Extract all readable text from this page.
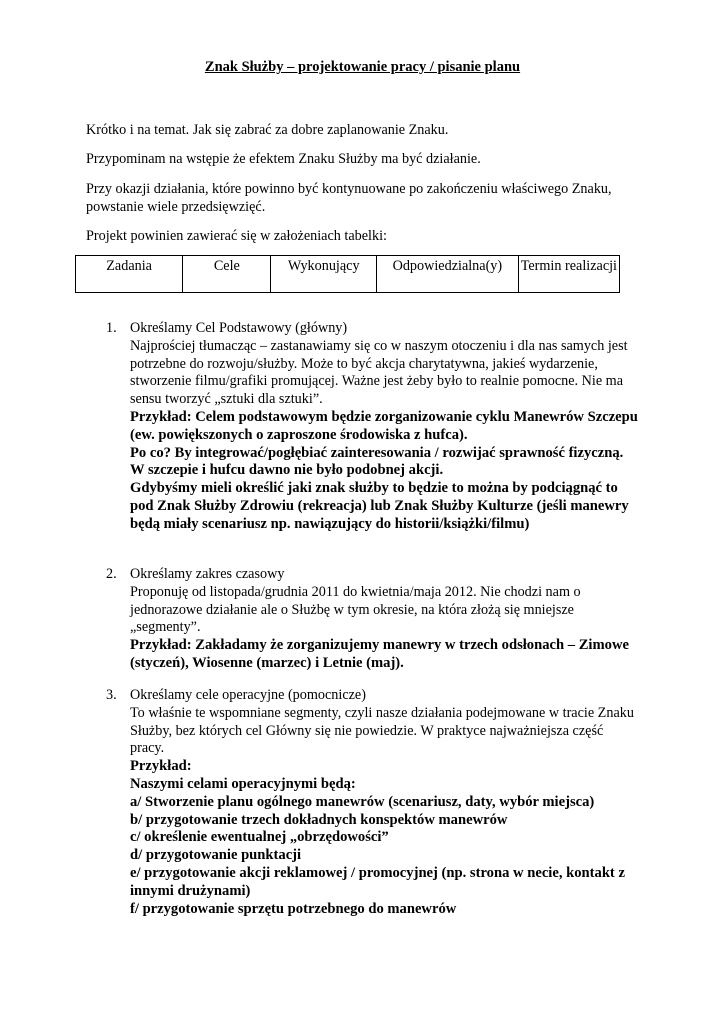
Znak Służby – projektowanie pracy / pisanie planu
Krótko i na temat. Jak się zabrać za dobre zaplanowanie Znaku.
Przypominam na wstępie że efektem Znaku Służby ma być działanie.
Przy okazji działania, które powinno być kontynuowane po zakończeniu właściwego Znaku, powstanie wiele przedsięwzięć.
Projekt powinien zawierać się w założeniach tabelki:
Zadania	Cele	Wykonujący	Odpowiedzialna(y)	Termin realizacji
1. Określamy Cel Podstawowy (główny)
Najprościej tłumacząc – zastanawiamy się co w naszym otoczeniu i dla nas samych jest potrzebne do rozwoju/służby. Może to być akcja charytatywna, jakieś wydarzenie, stworzenie filmu/grafiki promującej. Ważne jest żeby było to realnie pomocne. Nie ma sensu tworzyć „sztuki dla sztuki”.
Przykład: Celem podstawowym będzie zorganizowanie cyklu Manewrów Szczepu (ew. powiększonych o zaproszone środowiska z hufca).
Po co? By integrować/pogłębiać zainteresowania / rozwijać sprawność fizyczną. W szczepie i hufcu dawno nie było podobnej akcji.
Gdybyśmy mieli określić jaki znak służby to będzie to można by podciągnąć to pod Znak Służby Zdrowiu (rekreacja) lub Znak Służby Kulturze (jeśli manewry będą miały scenariusz np. nawiązujący do historii/książki/filmu)
2. Określamy zakres czasowy
Proponuję od listopada/grudnia 2011 do kwietnia/maja 2012. Nie chodzi nam o jednorazowe działanie ale o Służbę w tym okresie, na która złożą się mniejsze „segmenty”.
Przykład: Zakładamy że zorganizujemy manewry w trzech odsłonach – Zimowe (styczeń), Wiosenne (marzec) i Letnie (maj).
3. Określamy cele operacyjne (pomocnicze)
To właśnie te wspomniane segmenty, czyli nasze działania podejmowane w tracie Znaku Służby, bez których cel Główny się nie powiedzie. W praktyce najważniejsza część pracy.
Przykład:
Naszymi celami operacyjnymi będą:
a/ Stworzenie planu ogólnego manewrów (scenariusz, daty, wybór miejsca)
b/ przygotowanie trzech dokładnych konspektów manewrów
c/ określenie ewentualnej „obrzędowości”
d/ przygotowanie punktacji
e/ przygotowanie akcji reklamowej / promocyjnej (np. strona w necie, kontakt z innymi drużynami)
f/ przygotowanie sprzętu potrzebnego do manewrów
